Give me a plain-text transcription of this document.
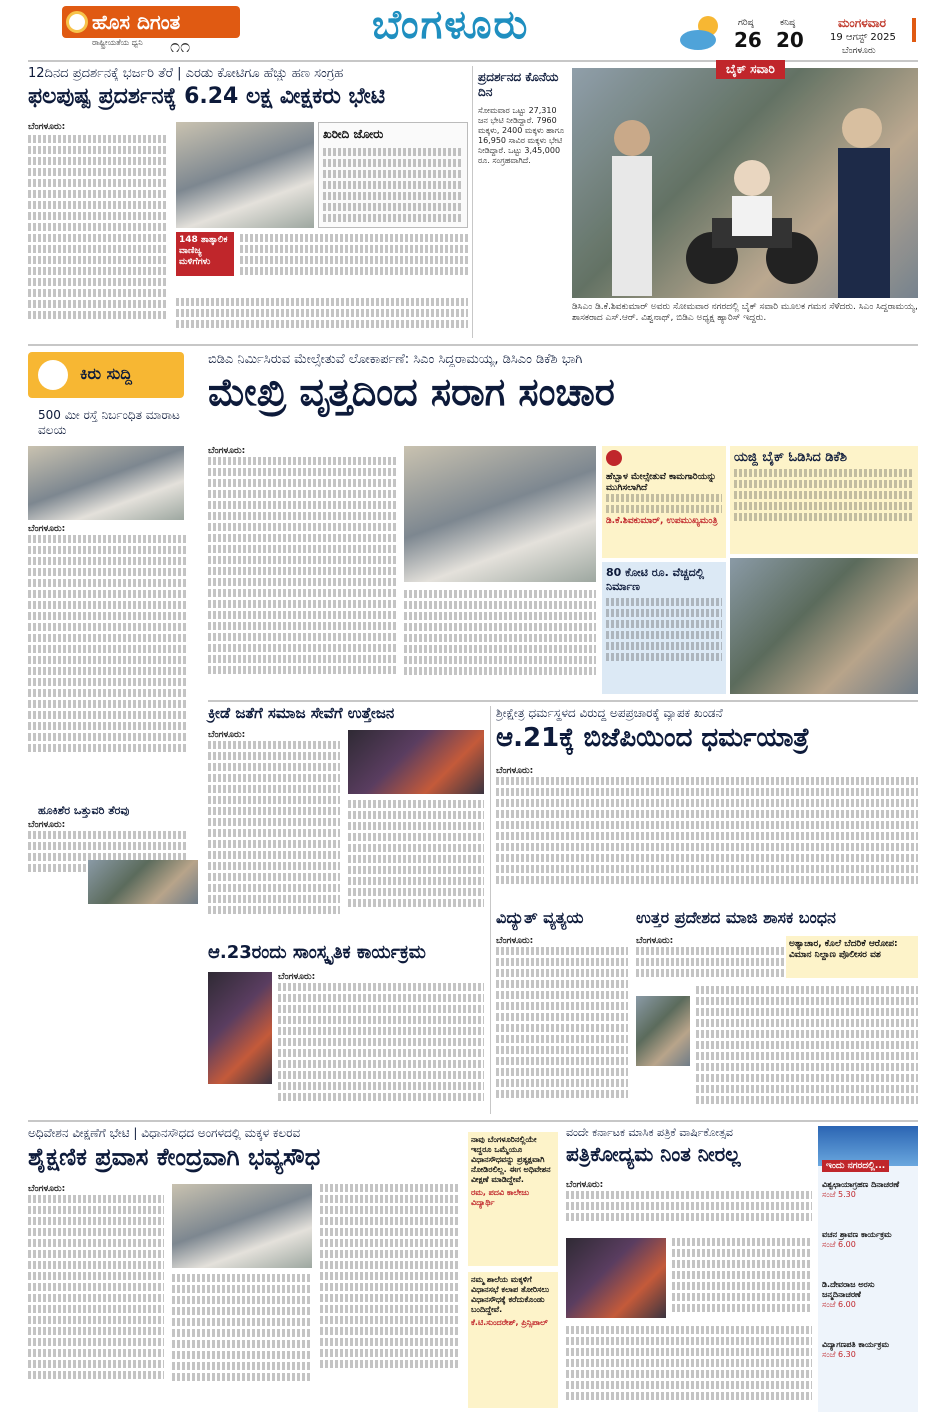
ಹೊಸ ದಿಗಂತ
ರಾಷ್ಟ್ರೀಯತೆಯ ಧ್ವನಿ ೧೧	ಬೆಂಗಳೂರು	ಗರಿಷ್ಠ
26
ಕನಿಷ್ಠ
20
ಮಂಗಳವಾರ
19 ಆಗಸ್ಟ್ 2025
ಬೆಂಗಳೂರು
12ದಿನದ ಪ್ರದರ್ಶನಕ್ಕೆ ಭರ್ಜರಿ ತೆರೆ | ಎರಡು ಕೋಟಿಗೂ ಹೆಚ್ಚು ಹಣ ಸಂಗ್ರಹ
ಫಲಪುಷ್ಪ ಪ್ರದರ್ಶನಕ್ಕೆ 6.24 ಲಕ್ಷ ವೀಕ್ಷಕರು ಭೇಟಿ
ಬೆಂಗಳೂರು:	ಖರೀದಿ ಜೋರು
148 ತಾತ್ಕಾಲಿಕ ವಾಣಿಜ್ಯ ಮಳಿಗೆಗಳು
ಪ್ರದರ್ಶನದ ಕೊನೆಯ ದಿನ
ಸೋಮವಾರ ಒಟ್ಟು 27,310 ಜನ ಭೇಟಿ ನೀಡಿದ್ದಾರೆ. 7960 ಮಕ್ಕಳು, 2400 ಮಕ್ಕಳು ಹಾಗೂ 16,950 ಸಾವಿರ ಮಕ್ಕಳು ಭೇಟಿ ನೀಡಿದ್ದಾರೆ. ಒಟ್ಟು 3,45,000 ರೂ. ಸಂಗ್ರಹವಾಗಿದೆ.
ಬೈಕ್ ಸವಾರಿ
ಡಿಸಿಎಂ ಡಿ.ಕೆ.ಶಿವಕುಮಾರ್ ಅವರು ಸೋಮವಾರ ನಗರದಲ್ಲಿ ಬೈಕ್ ಸವಾರಿ ಮೂಲಕ ಗಮನ ಸೆಳೆದರು. ಸಿಎಂ ಸಿದ್ದರಾಮಯ್ಯ, ಶಾಸಕರಾದ ಎಸ್.ಆರ್. ವಿಶ್ವನಾಥ್, ಬಿಡಿಎ ಅಧ್ಯಕ್ಷ ಹ್ಯಾರಿಸ್ ಇದ್ದರು.
ಕಿರು ಸುದ್ದಿ
500 ಮೀ ರಸ್ತೆ ನಿರ್ಬಂಧಿತ ಮಾರಾಟ ವಲಯ
ಬೆಂಗಳೂರು:
ಹೂಕಿಶೆರ ಒತ್ತುವರಿ ತೆರವು
ಬೆಂಗಳೂರು:
ಬಿಡಿಎ ನಿರ್ಮಿಸಿರುವ ಮೇಲ್ಸೇತುವೆ ಲೋಕಾರ್ಪಣೆ: ಸಿಎಂ ಸಿದ್ದರಾಮಯ್ಯ, ಡಿಸಿಎಂ ಡಿಕೆಶಿ ಭಾಗಿ
ಮೇಖ್ರಿ ವೃತ್ತದಿಂದ ಸರಾಗ ಸಂಚಾರ
ಬೆಂಗಳೂರು:
ಹೆಬ್ಬಾಳ ಮೇಲ್ಸೇತುವೆ ಕಾಮಗಾರಿಯನ್ನು ಮುಗಿಸಲಾಗಿದೆ
ಡಿ.ಕೆ.ಶಿವಕುಮಾರ್, ಉಪಮುಖ್ಯಮಂತ್ರಿ
80 ಕೋಟಿ ರೂ. ವೆಚ್ಚದಲ್ಲಿ ನಿರ್ಮಾಣ
ಯಜ್ದಿ ಬೈಕ್ ಓಡಿಸಿದ ಡಿಕೆಶಿ
ಕ್ರೀಡೆ ಜತೆಗೆ ಸಮಾಜ ಸೇವೆಗೆ ಉತ್ತೇಜನ
ಬೆಂಗಳೂರು:
ಆ.23ರಂದು ಸಾಂಸ್ಕೃತಿಕ ಕಾರ್ಯಕ್ರಮ
ಬೆಂಗಳೂರು:
ಶ್ರೀಕ್ಷೇತ್ರ ಧರ್ಮಸ್ಥಳದ ವಿರುದ್ಧ ಅಪಪ್ರಚಾರಕ್ಕೆ ವ್ಯಾಪಕ ಖಂಡನೆ
ಆ.21ಕ್ಕೆ ಬಿಜೆಪಿಯಿಂದ ಧರ್ಮಯಾತ್ರೆ
ಬೆಂಗಳೂರು:
ವಿದ್ಯುತ್ ವ್ಯತ್ಯಯ
ಬೆಂಗಳೂರು:
ಉತ್ತರ ಪ್ರದೇಶದ ಮಾಜಿ ಶಾಸಕ ಬಂಧನ
ಬೆಂಗಳೂರು:	ಅತ್ಯಾಚಾರ, ಕೊಲೆ ಬೆದರಿಕೆ ಆರೋಪ: ವಿಮಾನ ನಿಲ್ದಾಣ ಪೊಲೀಸರ ವಶ
ಅಧಿವೇಶನ ವೀಕ್ಷಣೆಗೆ ಭೇಟಿ | ವಿಧಾನಸೌಧದ ಅಂಗಳದಲ್ಲಿ ಮಕ್ಕಳ ಕಲರವ
ಶೈಕ್ಷಣಿಕ ಪ್ರವಾಸ ಕೇಂದ್ರವಾಗಿ ಭವ್ಯಸೌಧ
ಬೆಂಗಳೂರು:
ನಾವು ಬೆಂಗಳೂರಿನಲ್ಲಿಯೇ ಇದ್ದರೂ ಒಮ್ಮೆಯೂ ವಿಧಾನಸೌಧವನ್ನು ಪ್ರತ್ಯಕ್ಷವಾಗಿ ನೋಡಿರಲಿಲ್ಲ. ಈಗ ಅಧಿವೇಶನ ವೀಕ್ಷಣೆ ಮಾಡಿದ್ದೇವೆ.
ರಮ, ಪದವಿ ಕಾಲೇಜು ವಿದ್ಯಾರ್ಥಿ
ನಮ್ಮ ಶಾಲೆಯ ಮಕ್ಕಳಿಗೆ ವಿಧಾನಸಭೆ ಕಲಾಪ ತೋರಿಸಲು ವಿಧಾನಸೌಧಕ್ಕೆ ಕರೆದುಕೊಂಡು ಬಂದಿದ್ದೇವೆ.
ಕೆ.ಟಿ.ಸುಂದರೇಶ್, ಪ್ರಿನ್ಸಿಪಾಲ್
ವಂದೇ ಕರ್ನಾಟಕ ಮಾಸಿಕ ಪತ್ರಿಕೆ ವಾರ್ಷಿಕೋತ್ಸವ
ಪತ್ರಿಕೋದ್ಯಮ ನಿಂತ ನೀರಲ್ಲ
ಬೆಂಗಳೂರು:
ಇಂದು ನಗರದಲ್ಲಿ...
ವಿಶ್ವಛಾಯಾಗ್ರಹಣ ದಿನಾಚರಣೆ
ಸಂಜೆ 5.30
ವಚನ ಶ್ರಾವಣ ಕಾರ್ಯಕ್ರಮ
ಸಂಜೆ 6.00
ಡಿ.ದೇವರಾಜ ಅರಸು ಜನ್ಮದಿನಾಚರಣೆ
ಸಂಜೆ 6.00
ವಿದ್ಯಾಗಣಪತಿ ಕಾರ್ಯಕ್ರಮ
ಸಂಜೆ 6.30
